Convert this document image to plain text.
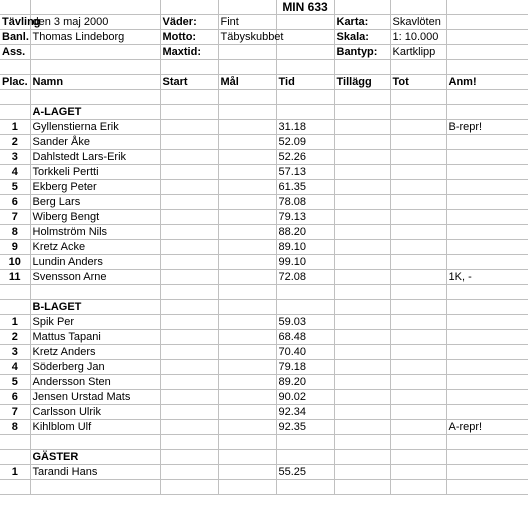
				MIN 633			
Tävling	den 3 maj 2000	Väder:	Fint		Karta:	Skavlöten	
Banl.	Thomas Lindeborg	Motto:	Täbyskubbet		Skala:	1: 10.000	
Ass.		Maxtid:			Bantyp:	Kartklipp	

Plac.	Namn	Start	Mål	Tid	Tillägg	Tot	Anm!

	A-LAGET						
1	Gyllenstierna Erik			31.18			B-repr!
2	Sander Åke			52.09			
3	Dahlstedt Lars-Erik			52.26			
4	Torkkeli Pertti			57.13			
5	Ekberg Peter			61.35			
6	Berg Lars			78.08			
7	Wiberg Bengt			79.13			
8	Holmström Nils			88.20			
9	Kretz Acke			89.10			
10	Lundin Anders			99.10			
11	Svensson Arne			72.08			1K, -

	B-LAGET						
1	Spik Per			59.03			
2	Mattus Tapani			68.48			
3	Kretz Anders			70.40			
4	Söderberg Jan			79.18			
5	Andersson Sten			89.20			
6	Jensen Urstad Mats			90.02			
7	Carlsson Ulrik			92.34			
8	Kihlblom Ulf			92.35			A-repr!

	GÄSTER						
1	Tarandi Hans			55.25			
